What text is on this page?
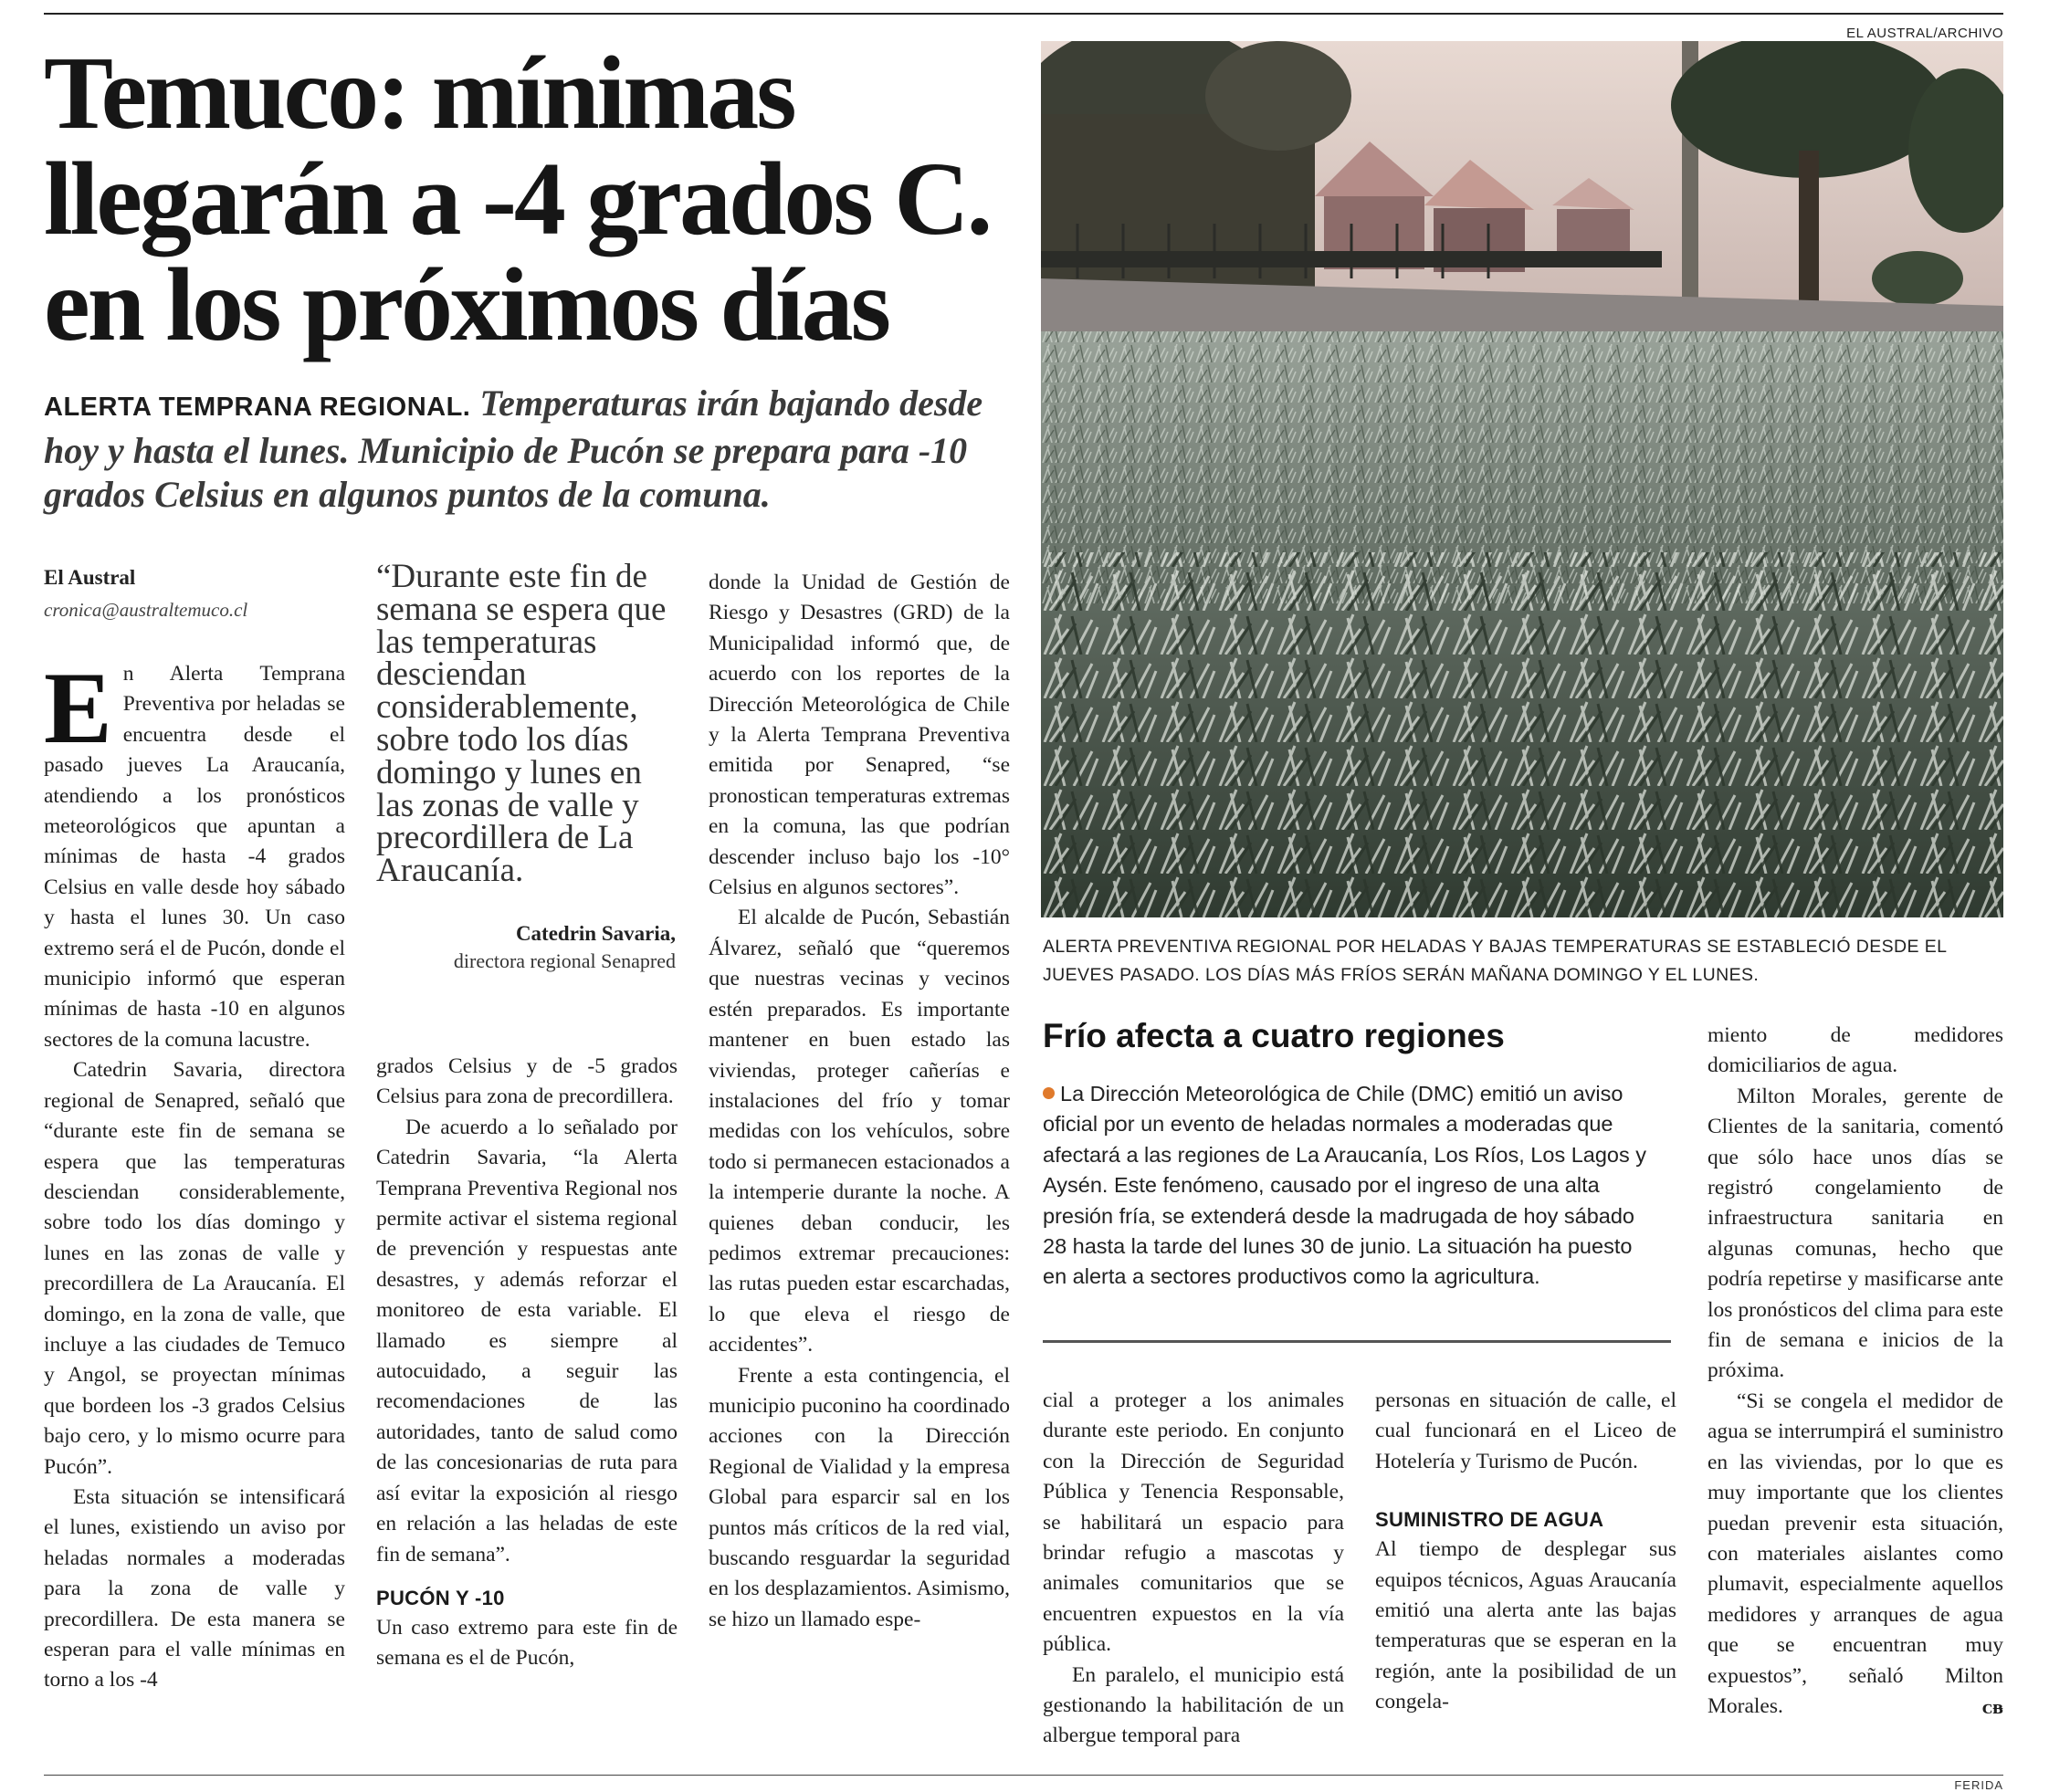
EL AUSTRAL/ARCHIVO
Temuco: mínimas llegarán a -4 grados C. en los próximos días

ALERTA TEMPRANA REGIONAL. Temperaturas irán bajando desde hoy y hasta el lunes. Municipio de Pucón se prepara para -10 grados Celsius en algunos puntos de la comuna.

El Austral
cronica@australtemuco.cl

En Alerta Temprana Preventiva por heladas se encuentra desde el pasado jueves La Araucanía, atendiendo a los pronósticos meteorológicos que apuntan a mínimas de hasta -4 grados Celsius en valle desde hoy sábado y hasta el lunes 30. Un caso extremo será el de Pucón, donde el municipio informó que esperan mínimas de hasta -10 en algunos sectores de la comuna lacustre.

Catedrin Savaria, directora regional de Senapred, señaló que “durante este fin de semana se espera que las temperaturas desciendan considerablemente, sobre todo los días domingo y lunes en las zonas de valle y precordillera de La Araucanía. El domingo, en la zona de valle, que incluye a las ciudades de Temuco y Angol, se proyectan mínimas que bordeen los -3 grados Celsius bajo cero, y lo mismo ocurre para Pucón”.

Esta situación se intensificará el lunes, existiendo un aviso por heladas normales a moderadas para la zona de valle y precordillera. De esta manera se esperan para el valle mínimas en torno a los -4

“Durante este fin de semana se espera que las temperaturas desciendan considerablemente, sobre todo los días domingo y lunes en las zonas de valle y precordillera de La Araucanía.

Catedrin Savaria,
directora regional Senapred

grados Celsius y de -5 grados Celsius para zona de precordillera.

De acuerdo a lo señalado por Catedrin Savaria, “la Alerta Temprana Preventiva Regional nos permite activar el sistema regional de prevención y respuestas ante desastres, y además reforzar el monitoreo de esta variable. El llamado es siempre al autocuidado, a seguir las recomendaciones de las autoridades, tanto de salud como de las concesionarias de ruta para así evitar la exposición al riesgo en relación a las heladas de este fin de semana”.

PUCÓN Y -10

Un caso extremo para este fin de semana es el de Pucón,

donde la Unidad de Gestión de Riesgo y Desastres (GRD) de la Municipalidad informó que, de acuerdo con los reportes de la Dirección Meteorológica de Chile y la Alerta Temprana Preventiva emitida por Senapred, “se pronostican temperaturas extremas en la comuna, las que podrían descender incluso bajo los -10° Celsius en algunos sectores”.

El alcalde de Pucón, Sebastián Álvarez, señaló que “queremos que nuestras vecinas y vecinos estén preparados. Es importante mantener en buen estado las viviendas, proteger cañerías e instalaciones del frío y tomar medidas con los vehículos, sobre todo si permanecen estacionados a la intemperie durante la noche. A quienes deban conducir, les pedimos extremar precauciones: las rutas pueden estar escarchadas, lo que eleva el riesgo de accidentes”.

Frente a esta contingencia, el municipio puconino ha coordinado acciones con la Dirección Regional de Vialidad y la empresa Global para esparcir sal en los puntos más críticos de la red vial, buscando resguardar la seguridad en los desplazamientos. Asimismo, se hizo un llamado espe-

ALERTA PREVENTIVA REGIONAL POR HELADAS Y BAJAS TEMPERATURAS SE ESTABLECIÓ DESDE EL JUEVES PASADO. LOS DÍAS MÁS FRÍOS SERÁN MAÑANA DOMINGO Y EL LUNES.

Frío afecta a cuatro regiones

La Dirección Meteorológica de Chile (DMC) emitió un aviso oficial por un evento de heladas normales a moderadas que afectará a las regiones de La Araucanía, Los Ríos, Los Lagos y Aysén. Este fenómeno, causado por el ingreso de una alta presión fría, se extenderá desde la madrugada de hoy sábado 28 hasta la tarde del lunes 30 de junio. La situación ha puesto en alerta a sectores productivos como la agricultura.

cial a proteger a los animales durante este periodo. En conjunto con la Dirección de Seguridad Pública y Tenencia Responsable, se habilitará un espacio para brindar refugio a mascotas y animales comunitarios que se encuentren expuestos en la vía pública.

En paralelo, el municipio está gestionando la habilitación de un albergue temporal para

personas en situación de calle, el cual funcionará en el Liceo de Hotelería y Turismo de Pucón.

SUMINISTRO DE AGUA

Al tiempo de desplegar sus equipos técnicos, Aguas Araucanía emitió una alerta ante las bajas temperaturas que se esperan en la región, ante la posibilidad de un congela-

miento de medidores domiciliarios de agua.

Milton Morales, gerente de Clientes de la sanitaria, comentó que sólo hace unos días se registró congelamiento de infraestructura sanitaria en algunas comunas, hecho que podría repetirse y masificarse ante los pronósticos del clima para este fin de semana e inicios de la próxima.

“Si se congela el medidor de agua se interrumpirá el suministro en las viviendas, por lo que es muy importante que los clientes puedan prevenir esta situación, con materiales aislantes como plumavit, especialmente aquellos medidores y arranques de agua que se encuentran muy expuestos”, señaló Milton Morales.	ᴄᴃ

FERIDA
